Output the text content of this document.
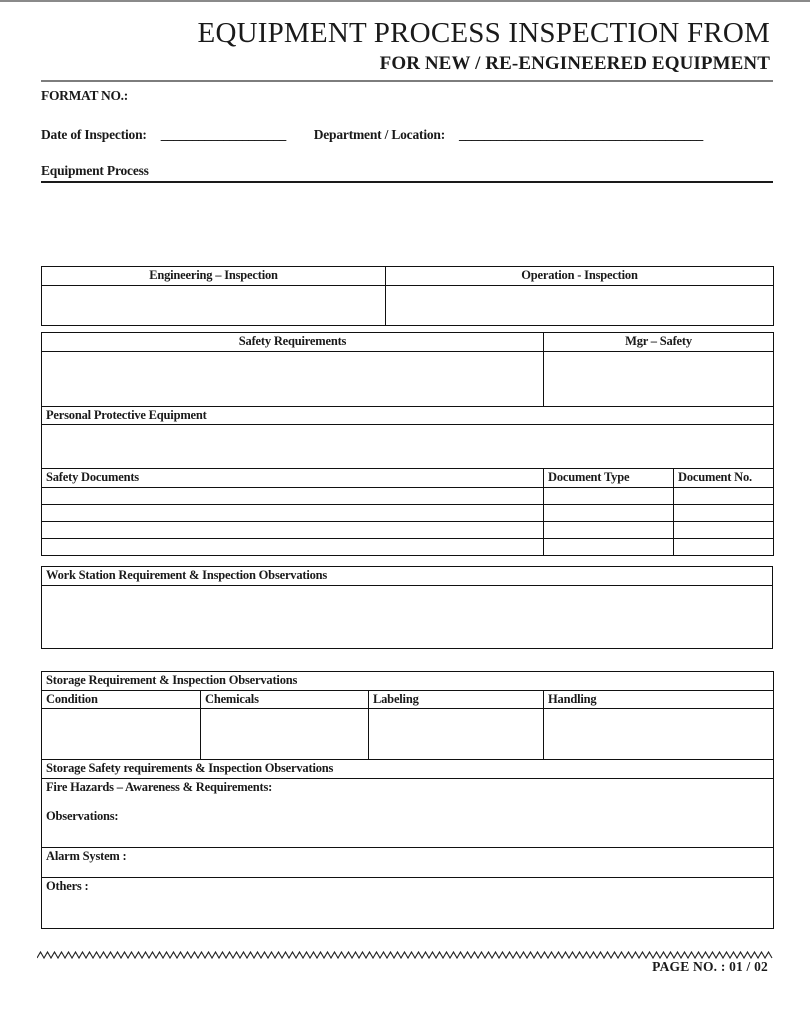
EQUIPMENT PROCESS INSPECTION FROM
FOR NEW / RE-ENGINEERED EQUIPMENT
FORMAT NO.:
Date of Inspection: ____________________ Department / Location: _______________________________________
Equipment Process
Engineering – Inspection	Operation - Inspection

Safety Requirements	Mgr – Safety	

Personal Protective Equipment		

Safety Documents	Document Type	Document No.

Work Station Requirement & Inspection Observations

Storage Requirement & Inspection Observations			
Condition	Chemicals	Labeling	Handling

Storage Safety requirements & Inspection Observations			

Fire Hazards – Awareness & Requirements:
Observations:			

Alarm System :			

Others :			
PAGE NO. : 01 / 02
